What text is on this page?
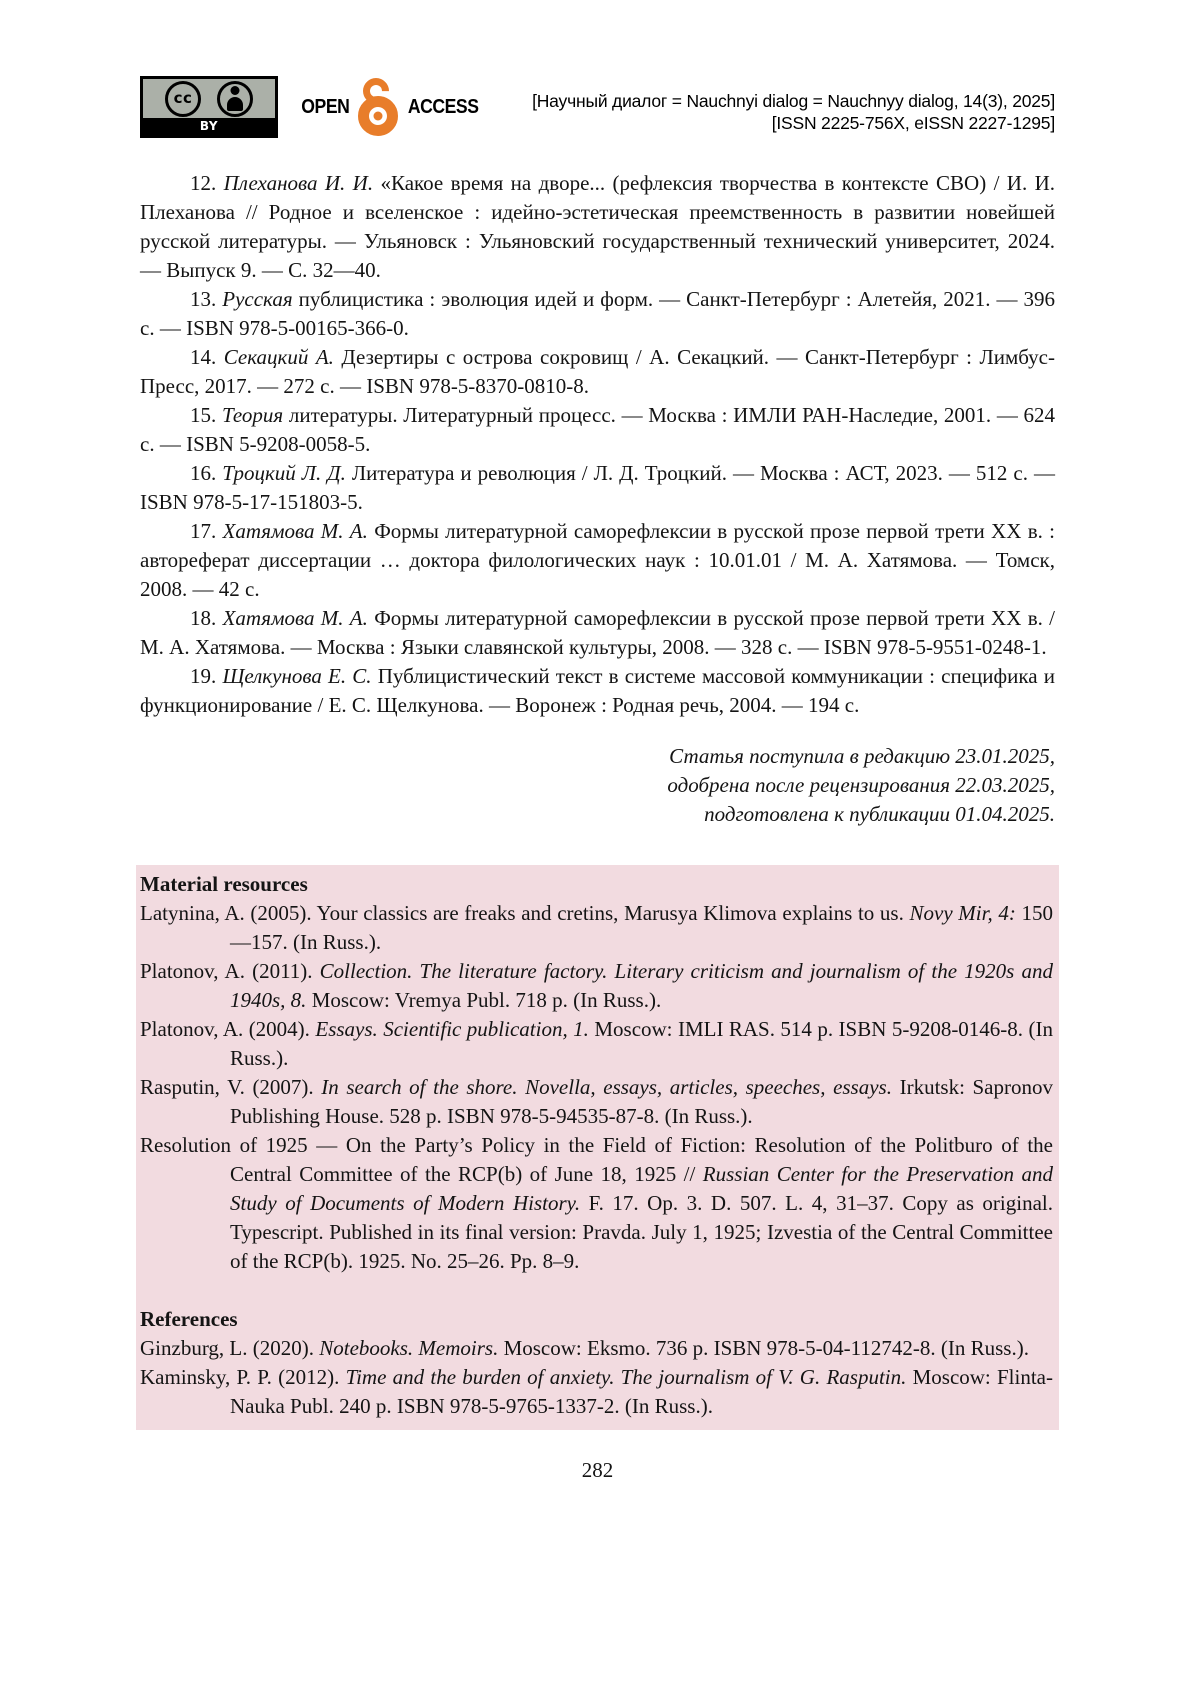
cc
BY
OPEN	ACCESS	[Научный диалог = Nauchnyi dialog = Nauchnyy dialog, 14(3), 2025]
[ISSN 2225-756X, eISSN 2227-1295]

12. Плеханова И. И. «Какое время на дворе... (рефлексия творчества в контексте СВО) / И. И. Плеханова // Родное и вселенское : идейно-эстетическая преемственность в развитии новейшей русской литературы. — Ульяновск : Ульяновский государственный технический университет, 2024. — Выпуск 9. — С. 32—40.

13. Русская публицистика : эволюция идей и форм. — Санкт-Петербург : Алетейя, 2021. — 396 с. — ISBN 978-5-00165-366-0.

14. Секацкий А. Дезертиры с острова сокровищ / А. Секацкий. — Санкт-Петербург : Лимбус-Пресс, 2017. — 272 с. — ISBN 978-5-8370-0810-8.

15. Теория литературы. Литературный процесс. — Москва : ИМЛИ РАН-Наследие, 2001. — 624 с. — ISBN 5-9208-0058-5.

16. Троцкий Л. Д. Литература и революция / Л. Д. Троцкий. — Москва : АСТ, 2023. — 512 с. — ISBN 978-5-17-151803-5.

17. Хатямова М. А. Формы литературной саморефлексии в русской прозе первой трети XX в. : автореферат диссертации … доктора филологических наук : 10.01.01 / М. А. Хатямова. — Томск, 2008. — 42 с.

18. Хатямова М. А. Формы литературной саморефлексии в русской прозе первой трети XX в. / М. А. Хатямова. — Москва : Языки славянской культуры, 2008. — 328 с. — ISBN 978-5-9551-0248-1.

19. Щелкунова Е. С. Публицистический текст в системе массовой коммуникации : специфика и функционирование / Е. С. Щелкунова. — Воронеж : Родная речь, 2004. — 194 с.

Статья поступила в редакцию 23.01.2025,
одобрена после рецензирования 22.03.2025,
подготовлена к публикации 01.04.2025.
Material resources

Latynina, A. (2005). Your classics are freaks and cretins, Marusya Klimova explains to us. Novy Mir, 4: 150—157. (In Russ.).

Platonov, A. (2011). Collection. The literature factory. Literary criticism and journalism of the 1920s and 1940s, 8. Moscow: Vremya Publ. 718 p. (In Russ.).

Platonov, A. (2004). Essays. Scientific publication, 1. Moscow: IMLI RAS. 514 p. ISBN 5-9208-0146-8. (In Russ.).

Rasputin, V. (2007). In search of the shore. Novella, essays, articles, speeches, essays. Irkutsk: Sapronov Publishing House. 528 p. ISBN 978-5-94535-87-8. (In Russ.).

Resolution of 1925 — On the Party’s Policy in the Field of Fiction: Resolution of the Politburo of the Central Committee of the RCP(b) of June 18, 1925 // Russian Center for the Preservation and Study of Documents of Modern History. F. 17. Op. 3. D. 507. L. 4, 31–37. Copy as original. Typescript. Published in its final version: Pravda. July 1, 1925; Izvestia of the Central Committee of the RCP(b). 1925. No. 25–26. Pp. 8–9.

References

Ginzburg, L. (2020). Notebooks. Memoirs. Moscow: Eksmo. 736 p. ISBN 978-5-04-112742-8. (In Russ.).

Kaminsky, P. P. (2012). Time and the burden of anxiety. The journalism of V. G. Rasputin. Moscow: Flinta-Nauka Publ. 240 p. ISBN 978-5-9765-1337-2. (In Russ.).

282
